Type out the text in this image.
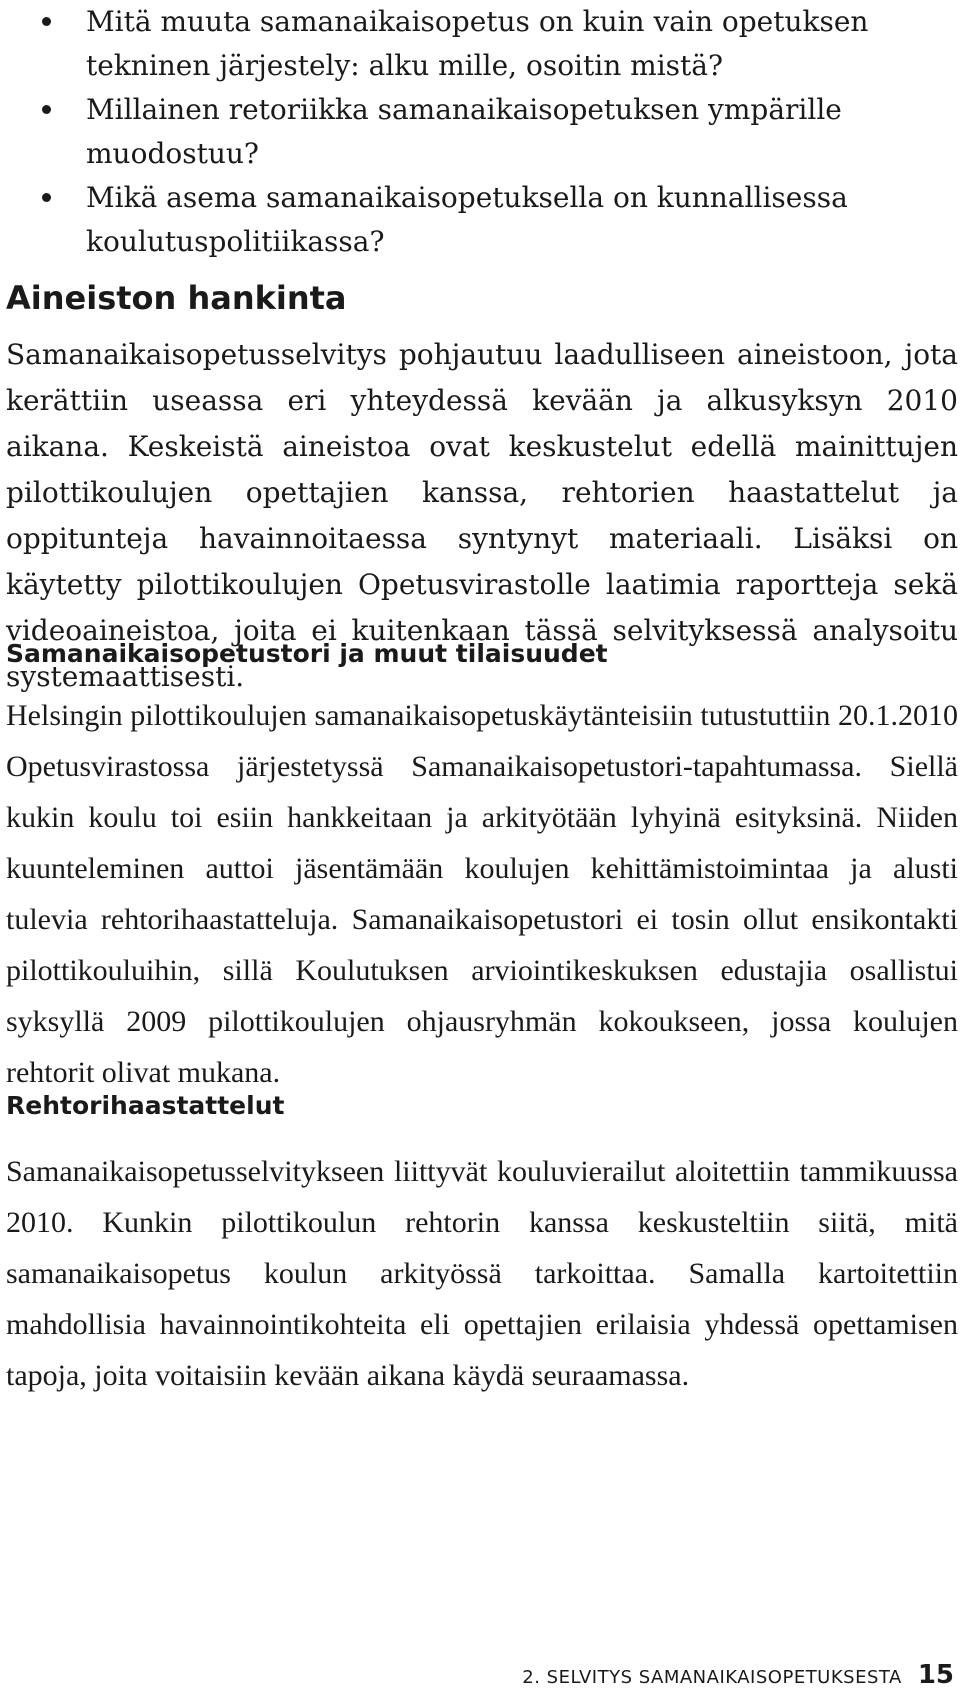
Mitä muuta samanaikaisopetus on kuin vain opetuksen tekninen järjestely: alku mille, osoitin mistä?
Millainen retoriikka samanaikaisopetuksen ympärille muodostuu?
Mikä asema samanaikaisopetuksella on kunnallisessa koulutuspolitiikassa?
Aineiston hankinta

Samanaikaisopetusselvitys pohjautuu laadulliseen aineistoon, jota kerättiin useassa eri yhteydessä kevään ja alkusyksyn 2010 aikana. Keskeistä aineistoa ovat keskustelut edellä mainittujen pilottikoulujen opettajien kanssa, rehtorien haastattelut ja oppitunteja havainnoitaessa syntynyt materiaali. Lisäksi on käytetty pilottikoulujen Opetusvirastolle laatimia raportteja sekä videoaineistoa, joita ei kuitenkaan tässä selvityksessä analysoitu systemaattisesti.

Samanaikaisopetustori ja muut tilaisuudet

Helsingin pilottikoulujen samanaikaisopetuskäytänteisiin tutustuttiin 20.1.2010 Opetusvirastossa järjestetyssä Samanaikaisopetustori-tapahtumassa. Siellä kukin koulu toi esiin hankkeitaan ja arkityötään lyhyinä esityksinä. Niiden kuunteleminen auttoi jäsentämään koulujen kehittämistoimintaa ja alusti tulevia rehtorihaastatteluja. Samanaikaisopetustori ei tosin ollut ensikontakti pilottikouluihin, sillä Koulutuksen arviointikeskuksen edustajia osallistui syksyllä 2009 pilottikoulujen ohjausryhmän kokoukseen, jossa koulujen rehtorit olivat mukana.

Rehtorihaastattelut

Samanaikaisopetusselvitykseen liittyvät kouluvierailut aloitettiin tammikuussa 2010. Kunkin pilottikoulun rehtorin kanssa keskusteltiin siitä, mitä samanaikaisopetus koulun arkityössä tarkoittaa. Samalla kartoitettiin mahdollisia havainnointikohteita eli opettajien erilaisia yhdessä opettamisen tapoja, joita voitaisiin kevään aikana käydä seuraamassa.

2. SELVITYS SAMANAIKAISOPETUKSESTA 15
